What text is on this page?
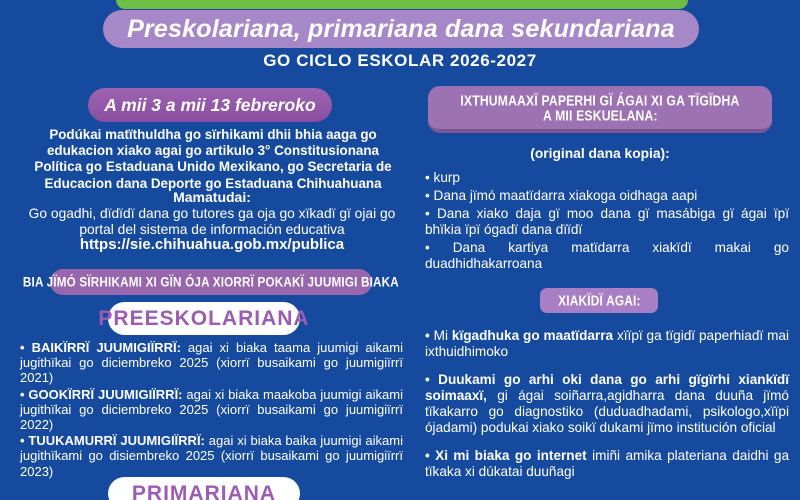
Preskolariana, primariana dana sekundariana
GO CICLO ESKOLAR 2026-2027
A mii 3 a mii 13 febreroko

Podúkai matïthuldha go sïrhikami dhii bhia aaga go edukacion xiako agai go artikulo 3° Constitusionana Política go Estaduana Unido Mexikano, go Secretaria de Educacion dana Deporte go Estaduana Chihuahuana

Mamatudai:
Go ogadhi, dïdïdï dana go tutores ga oja go xïkadï gï ojai go portal del sistema de información educativa
https://sie.chihuahua.gob.mx/publica

BIA JÏMÓ SÏRHIKAMI XI GÏN ÓJA XIORRÏ POKAKÏ JUUMIGI BIAKA
PREESKOLARIANA
• BAIKÏRRÏ JUUMIGIÏRRÏ: agai xi biaka taama juumigi aikami jugithïkai go diciembreko 2025 (xiorrï busaikami go juumigiïrrï 2021)
• GOOKÏRRÏ JUUMIGIÏRRÏ: agai xi biaka maakoba juumigi aikami jugithïkai go diciembreko 2025 (xiorrï busaikami go juumigiïrrï 2022)
• TUUKAMURRÏ JUUMIGIÏRRÏ: agai xi biaka baika juumigi aikami jugithïkami go disiembreko 2025 (xiorrï busaikami go juumigiïrrï 2023)
PRIMARIANA
IXTHUMAAXÏ PAPERHI GÏ ÁGAI XI GA TÏGÏDHA
A MII ESKUELANA:

(original dana kopia):

• kurp
• Dana jïmó maatïdarra xiakoga oidhaga aapi
• Dana xiako daja gï moo dana gï masábiga gï ágai ïpï bhïkia ïpï ógadï dana dïïdï
• Dana kartiya matïdarra xiakïdï makai go duadhidhakarroana
XIAKÏDÏ AGAI:
• Mi kïgadhuka go maatïdarra xïïpï ga tïgidï paperhiadï mai ixthuidhimoko
• Duukami go arhi oki dana go arhi gïgïrhi xiankïdï soimaaxï, gi ágai soiñarra,agidharra dana duuña jïmó tïkakarro go diagnostiko (duduadhadami, psikologo,xïïpi ójadami) podukai xiako soikï dukami jïmo institución oficial
• Xi mi biaka go internet imiñi amika plateriana daidhi ga tïkaka xi dúkatai duuñagi
